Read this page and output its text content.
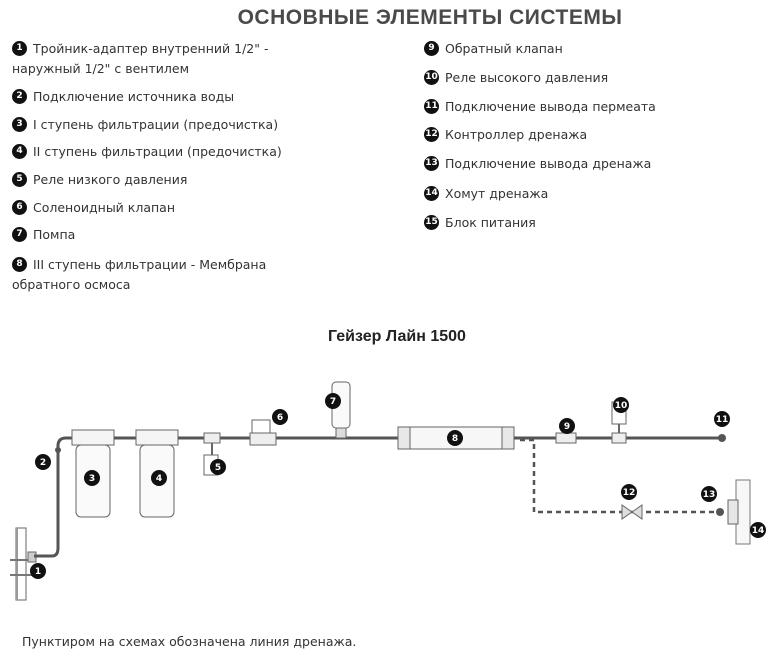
ОСНОВНЫЕ ЭЛЕМЕНТЫ СИСТЕМЫ
1 Тройник-адаптер внутренний 1/2" - наружный 1/2" с вентилем
2 Подключение источника воды
3 I ступень фильтрации (предочистка)
4 II ступень фильтрации (предочистка)
5 Реле низкого давления
6 Соленоидный клапан
7 Помпа
8 III ступень фильтрации - Мембрана обратного осмоса
9 Обратный клапан
10 Реле высокого давления
11 Подключение вывода пермеата
12 Контроллер дренажа
13 Подключение вывода дренажа
14 Хомут дренажа
15 Блок питания
Гейзер Лайн 1500
1
2
3	4
5
6
7
8
9
10
11
12	13
14
Пунктиром на схемах обозначена линия дренажа.
